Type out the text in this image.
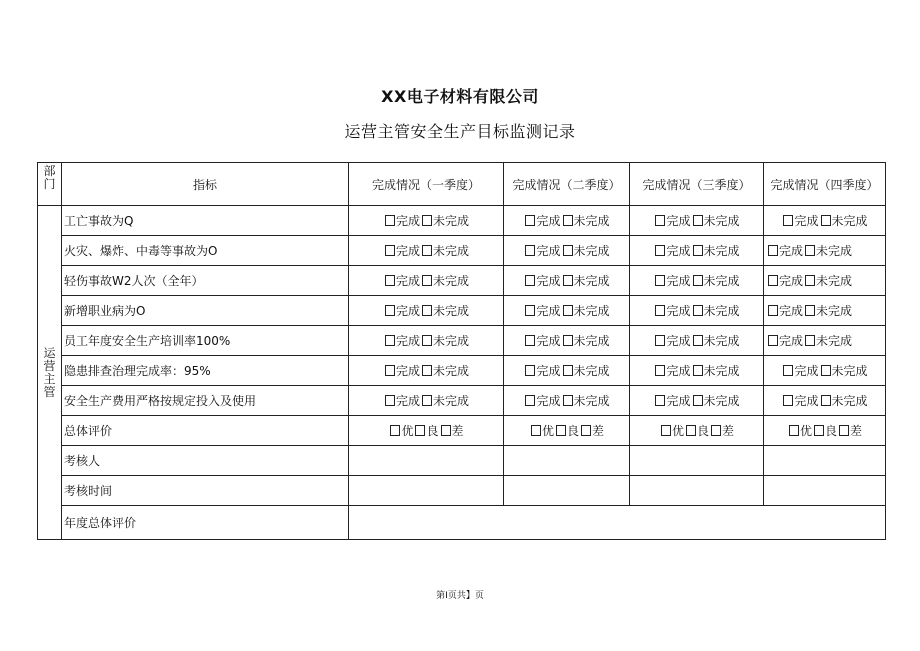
XX电子材料有限公司
运营主管安全生产目标监测记录
部门	指标	完成情况（一季度）	完成情况（二季度）	完成情况（三季度）	完成情况（四季度）
运营主管	工亡事故为Q	完成 未完成	完成 未完成	完成 未完成	完成 未完成
	火灾、爆炸、中毒等事故为O	完成 未完成	完成 未完成	完成 未完成	完成 未完成
	轻伤事故W2人次（全年）	完成 未完成	完成 未完成	完成 未完成	完成 未完成
	新增职业病为O	完成 未完成	完成 未完成	完成 未完成	完成 未完成
	员工年度安全生产培训率100%	完成 未完成	完成 未完成	完成 未完成	完成 未完成
	隐患排查治理完成率：95%	完成 未完成	完成 未完成	完成 未完成	完成 未完成
	安全生产费用严格按规定投入及使用	完成 未完成	完成 未完成	完成 未完成	完成 未完成
	总体评价	优 良 差	优 良 差	优 良 差	优 良 差
	考核人				
	考核时间				
	年度总体评价				
第I页共】页
